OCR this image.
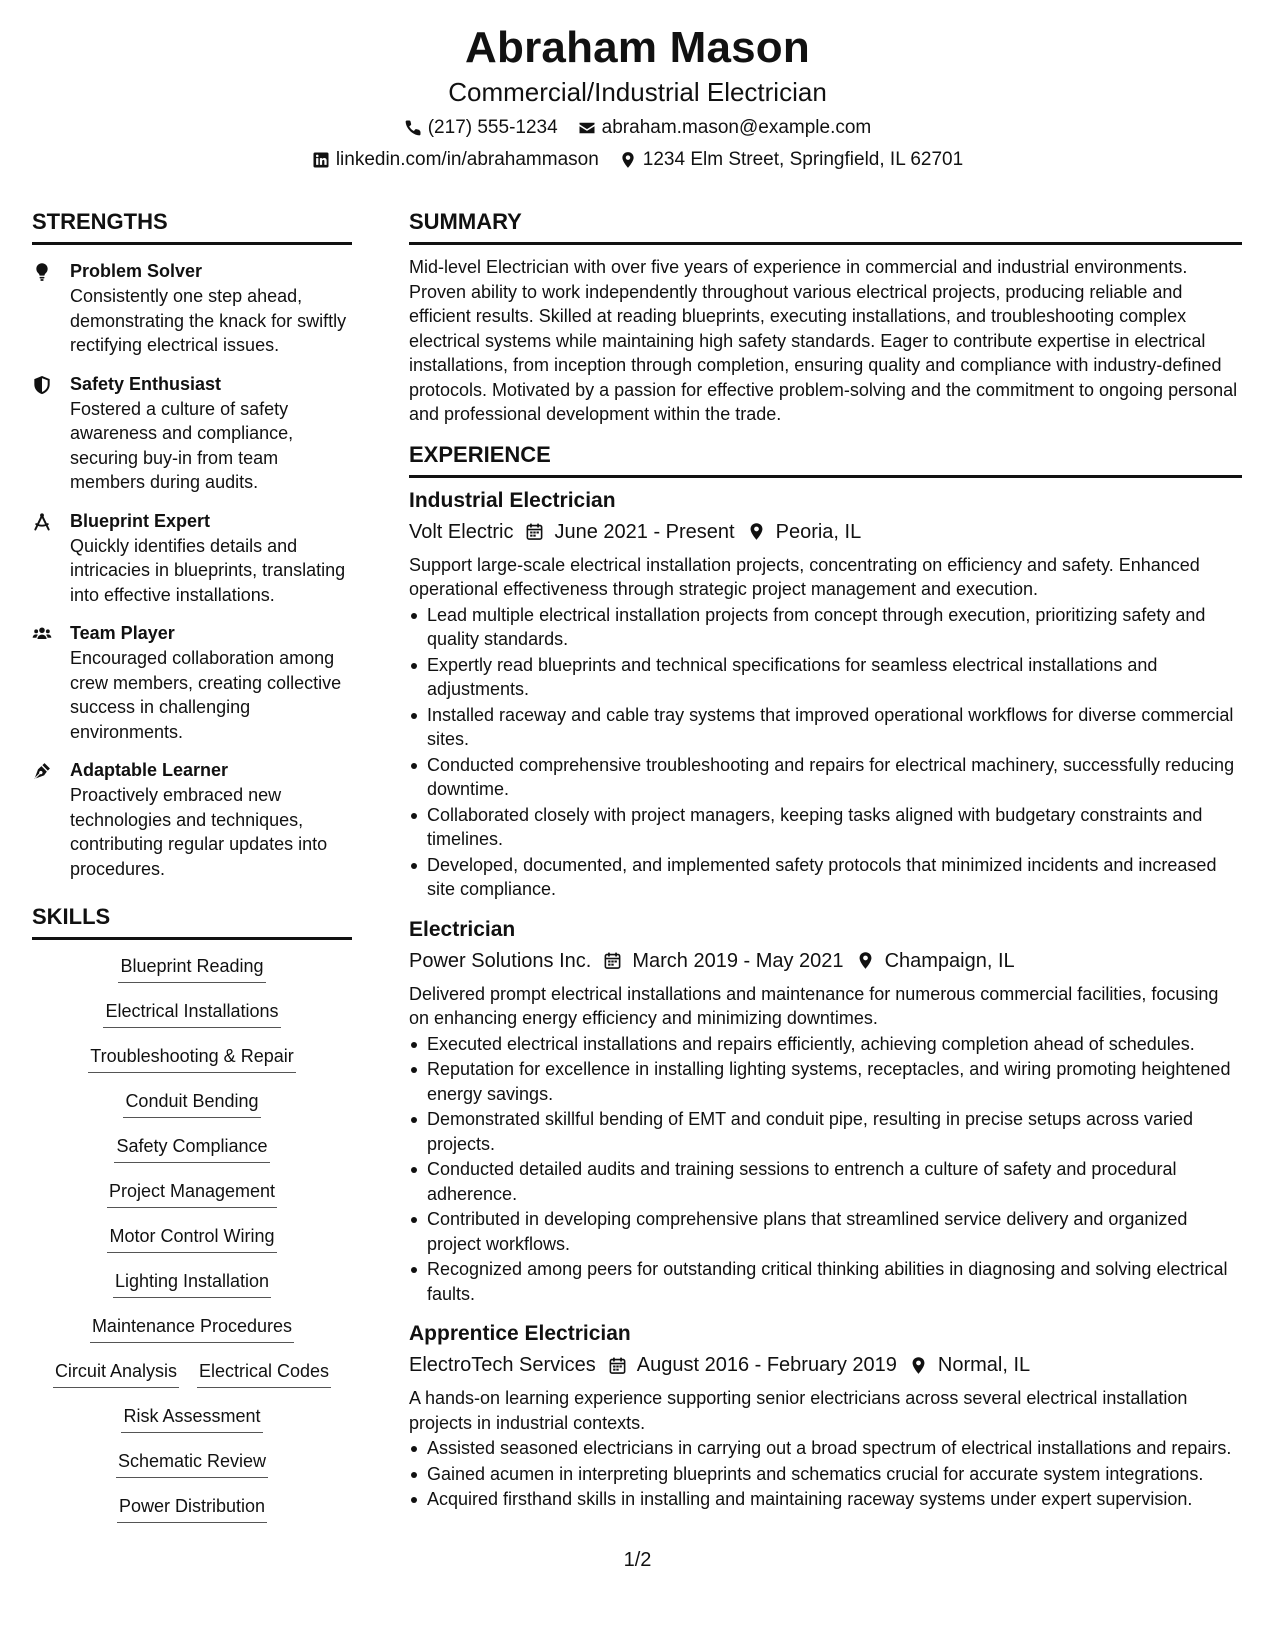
Abraham Mason
Commercial/Industrial Electrician
(217) 555-1234 abraham.mason@example.com
linkedin.com/in/abrahammason 1234 Elm Street, Springfield, IL 62701
STRENGTHS
Problem Solver
Consistently one step ahead, demonstrating the knack for swiftly rectifying electrical issues.
Safety Enthusiast
Fostered a culture of safety awareness and compliance, securing buy-in from team members during audits.
Blueprint Expert
Quickly identifies details and intricacies in blueprints, translating into effective installations.
Team Player
Encouraged collaboration among crew members, creating collective success in challenging environments.
Adaptable Learner
Proactively embraced new technologies and techniques, contributing regular updates into procedures.
SKILLS
Blueprint Reading
Electrical Installations
Troubleshooting & Repair
Conduit Bending
Safety Compliance
Project Management
Motor Control Wiring
Lighting Installation
Maintenance Procedures
Circuit Analysis Electrical Codes
Risk Assessment
Schematic Review
Power Distribution
SUMMARY
Mid-level Electrician with over five years of experience in commercial and industrial environments. Proven ability to work independently throughout various electrical projects, producing reliable and efficient results. Skilled at reading blueprints, executing installations, and troubleshooting complex electrical systems while maintaining high safety standards. Eager to contribute expertise in electrical installations, from inception through completion, ensuring quality and compliance with industry-defined protocols. Motivated by a passion for effective problem-solving and the commitment to ongoing personal and professional development within the trade.
EXPERIENCE
Industrial Electrician
Volt Electric June 2021 - Present Peoria, IL
Support large-scale electrical installation projects, concentrating on efficiency and safety. Enhanced operational effectiveness through strategic project management and execution.
Lead multiple electrical installation projects from concept through execution, prioritizing safety and quality standards.
Expertly read blueprints and technical specifications for seamless electrical installations and adjustments.
Installed raceway and cable tray systems that improved operational workflows for diverse commercial sites.
Conducted comprehensive troubleshooting and repairs for electrical machinery, successfully reducing downtime.
Collaborated closely with project managers, keeping tasks aligned with budgetary constraints and timelines.
Developed, documented, and implemented safety protocols that minimized incidents and increased site compliance.
Electrician
Power Solutions Inc. March 2019 - May 2021 Champaign, IL
Delivered prompt electrical installations and maintenance for numerous commercial facilities, focusing on enhancing energy efficiency and minimizing downtimes.
Executed electrical installations and repairs efficiently, achieving completion ahead of schedules.
Reputation for excellence in installing lighting systems, receptacles, and wiring promoting heightened energy savings.
Demonstrated skillful bending of EMT and conduit pipe, resulting in precise setups across varied projects.
Conducted detailed audits and training sessions to entrench a culture of safety and procedural adherence.
Contributed in developing comprehensive plans that streamlined service delivery and organized project workflows.
Recognized among peers for outstanding critical thinking abilities in diagnosing and solving electrical faults.
Apprentice Electrician
ElectroTech Services August 2016 - February 2019 Normal, IL
A hands-on learning experience supporting senior electricians across several electrical installation projects in industrial contexts.
Assisted seasoned electricians in carrying out a broad spectrum of electrical installations and repairs.
Gained acumen in interpreting blueprints and schematics crucial for accurate system integrations.
Acquired firsthand skills in installing and maintaining raceway systems under expert supervision.
1/2
